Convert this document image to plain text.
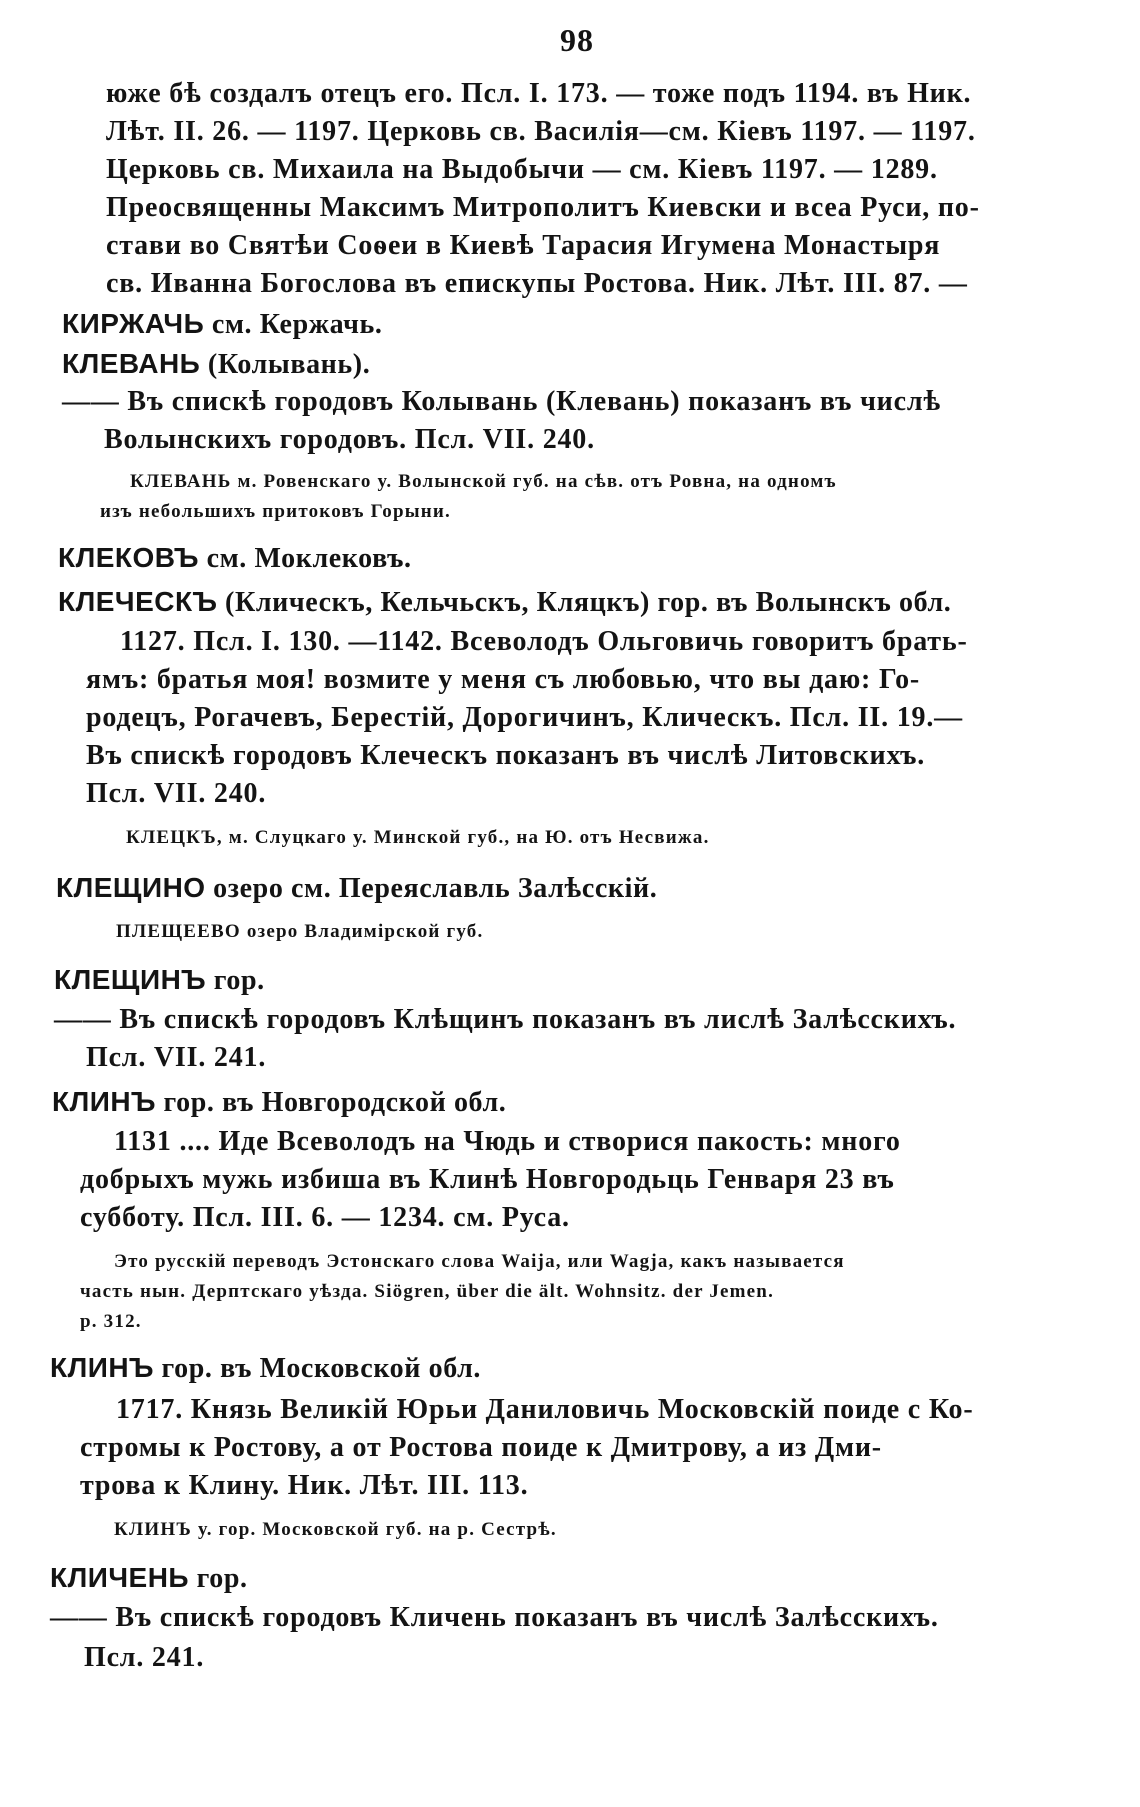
98
юже бѣ создалъ отецъ его. Псл. I. 173. — тоже подъ 1194. въ Ник.
Лѣт. II. 26. — 1197. Церковь св. Василія—см. Кіевъ 1197. — 1197.
Церковь св. Михаила на Выдобычи — см. Кіевъ 1197. — 1289.
Преосвященны Максимъ Митрополитъ Киевски и всеа Руси, по-
стави во Святѣи Соѳеи в Киевѣ Тарасия Игумена Монастыря
св. Иванна Богослова въ епискупы Ростова. Ник. Лѣт. III. 87. —
КИРЖАЧЬ см. Кержачь.
КЛЕВАНЬ (Колывань).
—— Въ спискѣ городовъ Колывань (Клевань) показанъ въ числѣ
Волынскихъ городовъ. Псл. VII. 240.
КЛЕВАНЬ м. Ровенскаго у. Волынской губ. на сѣв. отъ Ровна, на одномъ
изъ небольшихъ притоковъ Горыни.
КЛЕКОВЪ см. Моклековъ.
КЛЕЧЕСКЪ (Клическъ, Кельчьскъ, Кляцкъ) гор. въ Волынскъ обл.
1127. Псл. I. 130. —1142. Всеволодъ Ольговичь говоритъ брать-
ямъ: братья моя! возмите у меня съ любовью, что вы даю: Го-
родецъ, Рогачевъ, Берестій, Дорогичинъ, Клическъ. Псл. II. 19.—
Въ спискѣ городовъ Клеческъ показанъ въ числѣ Литовскихъ.
Псл. VII. 240.
КЛЕЦКЪ, м. Слуцкаго у. Минской губ., на Ю. отъ Несвижа.
КЛЕЩИНО озеро см. Переяславль Залѣсскій.
ПЛЕЩЕЕВО озеро Владимірской губ.
КЛЕЩИНЪ гор.
—— Въ спискѣ городовъ Клѣщинъ показанъ въ лислѣ Залѣсскихъ.
Псл. VII. 241.
КЛИНЪ гор. въ Новгородской обл.
1131 .... Иде Всеволодъ на Чюдь и створися пакость: много
добрыхъ мужь избиша въ Клинѣ Новгородьць Генваря 23 въ
субботу. Псл. III. 6. — 1234. см. Руса.
Это русскій переводъ Эстонскаго слова Waija, или Wagja, какъ называется
часть нын. Дерптскаго уѣзда. Siögren, über die ält. Wohnsitz. der Jemen.
p. 312.
КЛИНЪ гор. въ Московской обл.
1717. Князь Великій Юрьи Даниловичь Московскій поиде с Ко-
стромы к Ростову, а от Ростова поиде к Дмитрову, а из Дми-
трова к Клину. Ник. Лѣт. III. 113.
КЛИНЪ у. гор. Московской губ. на р. Сестрѣ.
КЛИЧЕНЬ гор.
—— Въ спискѣ городовъ Кличень показанъ въ числѣ Залѣсскихъ.
Псл. 241.
